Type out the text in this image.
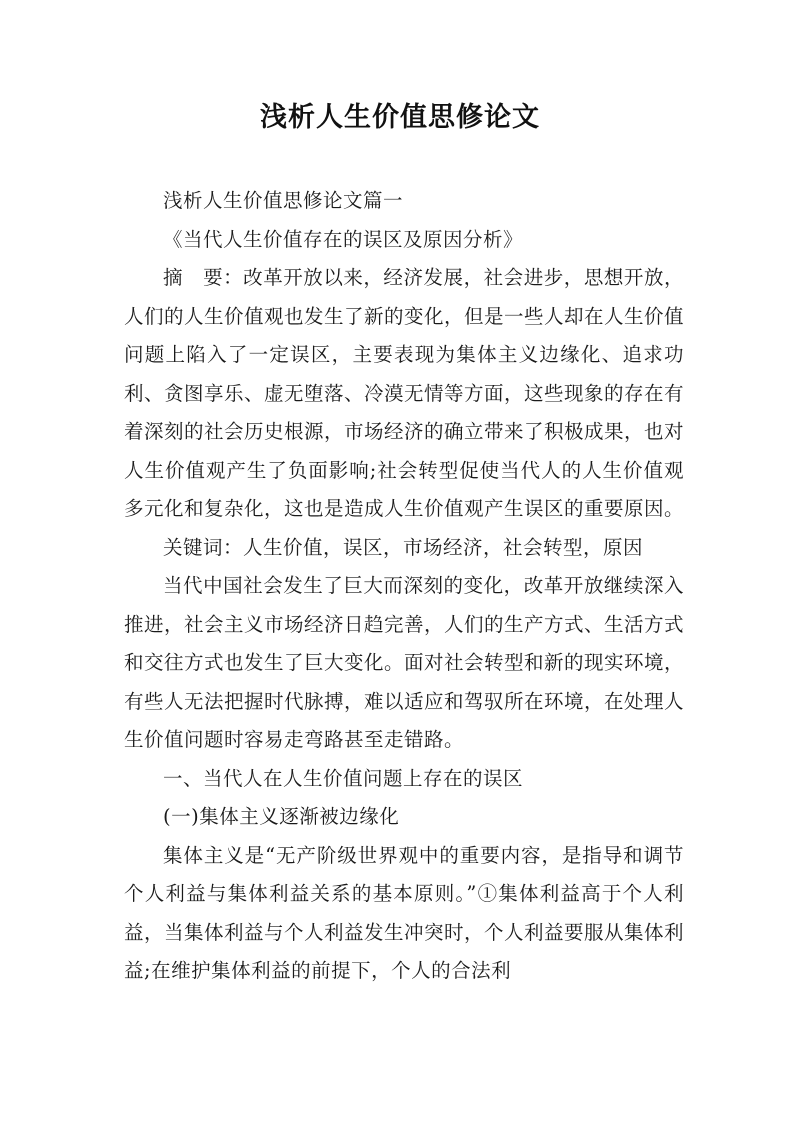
浅析人生价值思修论文

浅析人生价值思修论文篇一

《当代人生价值存在的误区及原因分析》

摘　要：改革开放以来，经济发展，社会进步，思想开放，人们的人生价值观也发生了新的变化，但是一些人却在人生价值问题上陷入了一定误区，主要表现为集体主义边缘化、追求功利、贪图享乐、虚无堕落、冷漠无情等方面，这些现象的存在有着深刻的社会历史根源，市场经济的确立带来了积极成果，也对人生价值观产生了负面影响;社会转型促使当代人的人生价值观多元化和复杂化，这也是造成人生价值观产生误区的重要原因。

关键词：人生价值，误区，市场经济，社会转型，原因

当代中国社会发生了巨大而深刻的变化，改革开放继续深入推进，社会主义市场经济日趋完善，人们的生产方式、生活方式和交往方式也发生了巨大变化。面对社会转型和新的现实环境，有些人无法把握时代脉搏，难以适应和驾驭所在环境，在处理人生价值问题时容易走弯路甚至走错路。

一、当代人在人生价值问题上存在的误区

(一)集体主义逐渐被边缘化

集体主义是“无产阶级世界观中的重要内容，是指导和调节个人利益与集体利益关系的基本原则。”①集体利益高于个人利益，当集体利益与个人利益发生冲突时，个人利益要服从集体利益;在维护集体利益的前提下，个人的合法利
